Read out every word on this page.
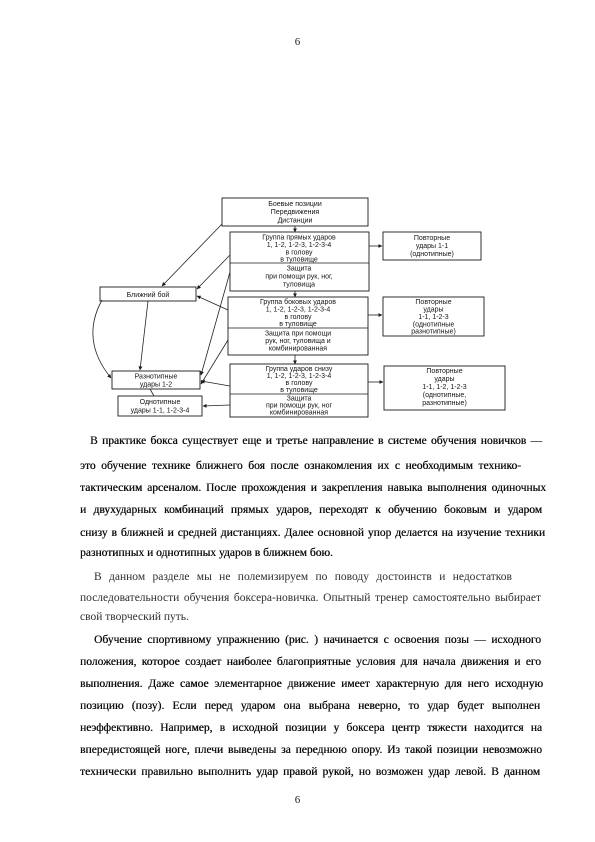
6
Боевые позиции
Передвижения
Дистанции
Группа прямых ударов
1, 1-2, 1-2-3, 1-2-3-4
в голову
в туловище
Защита
при помощи рук, ног,
туловища
Повторные
удары 1-1
(однотипные)
Группа боковых ударов
1, 1-2, 1-2-3, 1-2-3-4
в голову
в туловище
Защита при помощи
рук, ног, туловища и
комбинированная
Повторные
удары
1-1, 1-2-3
(однотипные
разнотипные)
Группа ударов снизу
1, 1-2, 1-2-3, 1-2-3-4
в голову
в туловище
Защита
при помощи рук, ног
комбинированная
Повторные
удары
1-1, 1-2, 1-2-3
(однотипные,
разнотипные)
Ближний бой
Разнотипные
удары 1-2
Однотипные
удары 1-1, 1-2-3-4
В практике бокса существует еще и третье направление в системе обучения новичков —
это обучение технике ближнего боя после ознакомления их с необходимым технико-
тактическим арсеналом. После прохождения и закрепления навыка выполнения одиночных
и двухударных комбинаций прямых ударов, переходят к обучению боковым и ударом
снизу в ближней и средней дистанциях. Далее основной упор делается на изучение техники
разнотипных и однотипных ударов в ближнем бою.
В данном разделе мы не полемизируем по поводу достоинств и недостатков
последовательности обучения боксера-новичка. Опытный тренер самостоятельно выбирает
свой творческий путь.
Обучение спортивному упражнению (рис. ) начинается с освоения позы — исходного
положения, которое создает наиболее благоприятные условия для начала движения и его
выполнения. Даже самое элементарное движение имеет характерную для него исходную
позицию (позу). Если перед ударом она выбрана неверно, то удар будет выполнен
неэффективно. Например, в исходной позиции у боксера центр тяжести находится на
впередистоящей ноге, плечи выведены за переднюю опору. Из такой позиции невозможно
технически правильно выполнить удар правой рукой, но возможен удар левой. В данном
6
